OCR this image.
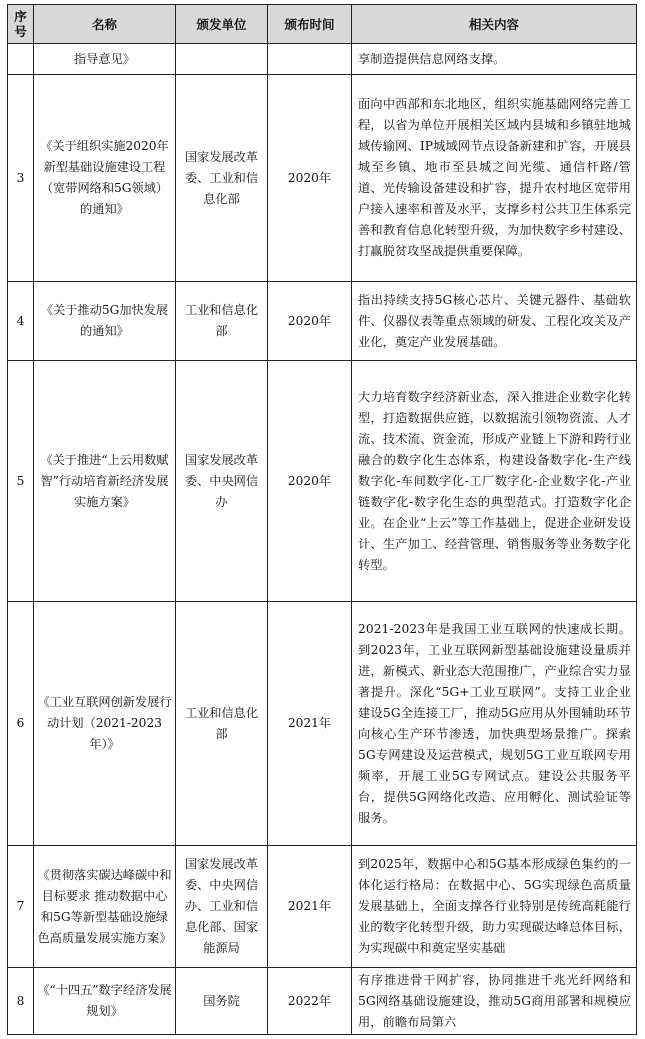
序号	名称	颁发单位	颁布时间	相关内容
	指导意见》			享制造提供信息网络支撑。
3	《关于组织实施2020年新型基础设施建设工程（宽带网络和5G领域）的通知》	国家发展改革委、工业和信息化部	2020年	面向中西部和东北地区，组织实施基础网络完善工程，以省为单位开展相关区域内县城和乡镇驻地城域传输网、IP城域网节点设备新建和扩容，开展县城至乡镇、地市至县城之间光缆、通信杆路/管道、光传输设备建设和扩容，提升农村地区宽带用户接入速率和普及水平，支撑乡村公共卫生体系完善和教育信息化转型升级，为加快数字乡村建设、打赢脱贫攻坚战提供重要保障。
4	《关于推动5G加快发展的通知》	工业和信息化部	2020年	指出持续支持5G核心芯片、关键元器件、基础软件、仪器仪表等重点领域的研发、工程化攻关及产业化，奠定产业发展基础。
5	《关于推进“上云用数赋智”行动培育新经济发展实施方案》	国家发展改革委、中央网信办	2020年	大力培育数字经济新业态，深入推进企业数字化转型，打造数据供应链，以数据流引领物资流、人才流、技术流、资金流，形成产业链上下游和跨行业融合的数字化生态体系，构建设备数字化-生产线数字化-车间数字化-工厂数字化-企业数字化-产业链数字化-数字化生态的典型范式。打造数字化企业。在企业“上云”等工作基础上，促进企业研发设计、生产加工、经营管理、销售服务等业务数字化转型。
6	《工业互联网创新发展行动计划（2021-2023年）》	工业和信息化部	2021年	2021-2023年是我国工业互联网的快速成长期。到2023年，工业互联网新型基础设施建设量质并进，新模式、新业态大范围推广，产业综合实力显著提升。深化“5G+工业互联网”。支持工业企业建设5G全连接工厂，推动5G应用从外围辅助环节向核心生产环节渗透，加快典型场景推广。探索5G专网建设及运营模式，规划5G工业互联网专用频率，开展工业5G专网试点。建设公共服务平台，提供5G网络化改造、应用孵化、测试验证等服务。
7	《贯彻落实碳达峰碳中和目标要求 推动数据中心和5G等新型基础设施绿色高质量发展实施方案》	国家发展改革委、中央网信办、工业和信息化部、国家能源局	2021年	到2025年，数据中心和5G基本形成绿色集约的一体化运行格局：在数据中心、5G实现绿色高质量发展基础上，全面支撑各行业特别是传统高耗能行业的数字化转型升级，助力实现碳达峰总体目标，为实现碳中和奠定坚实基础
8	《“十四五”数字经济发展规划》	国务院	2022年	有序推进骨干网扩容，协同推进千兆光纤网络和5G网络基础设施建设，推动5G商用部署和规模应用，前瞻布局第六
